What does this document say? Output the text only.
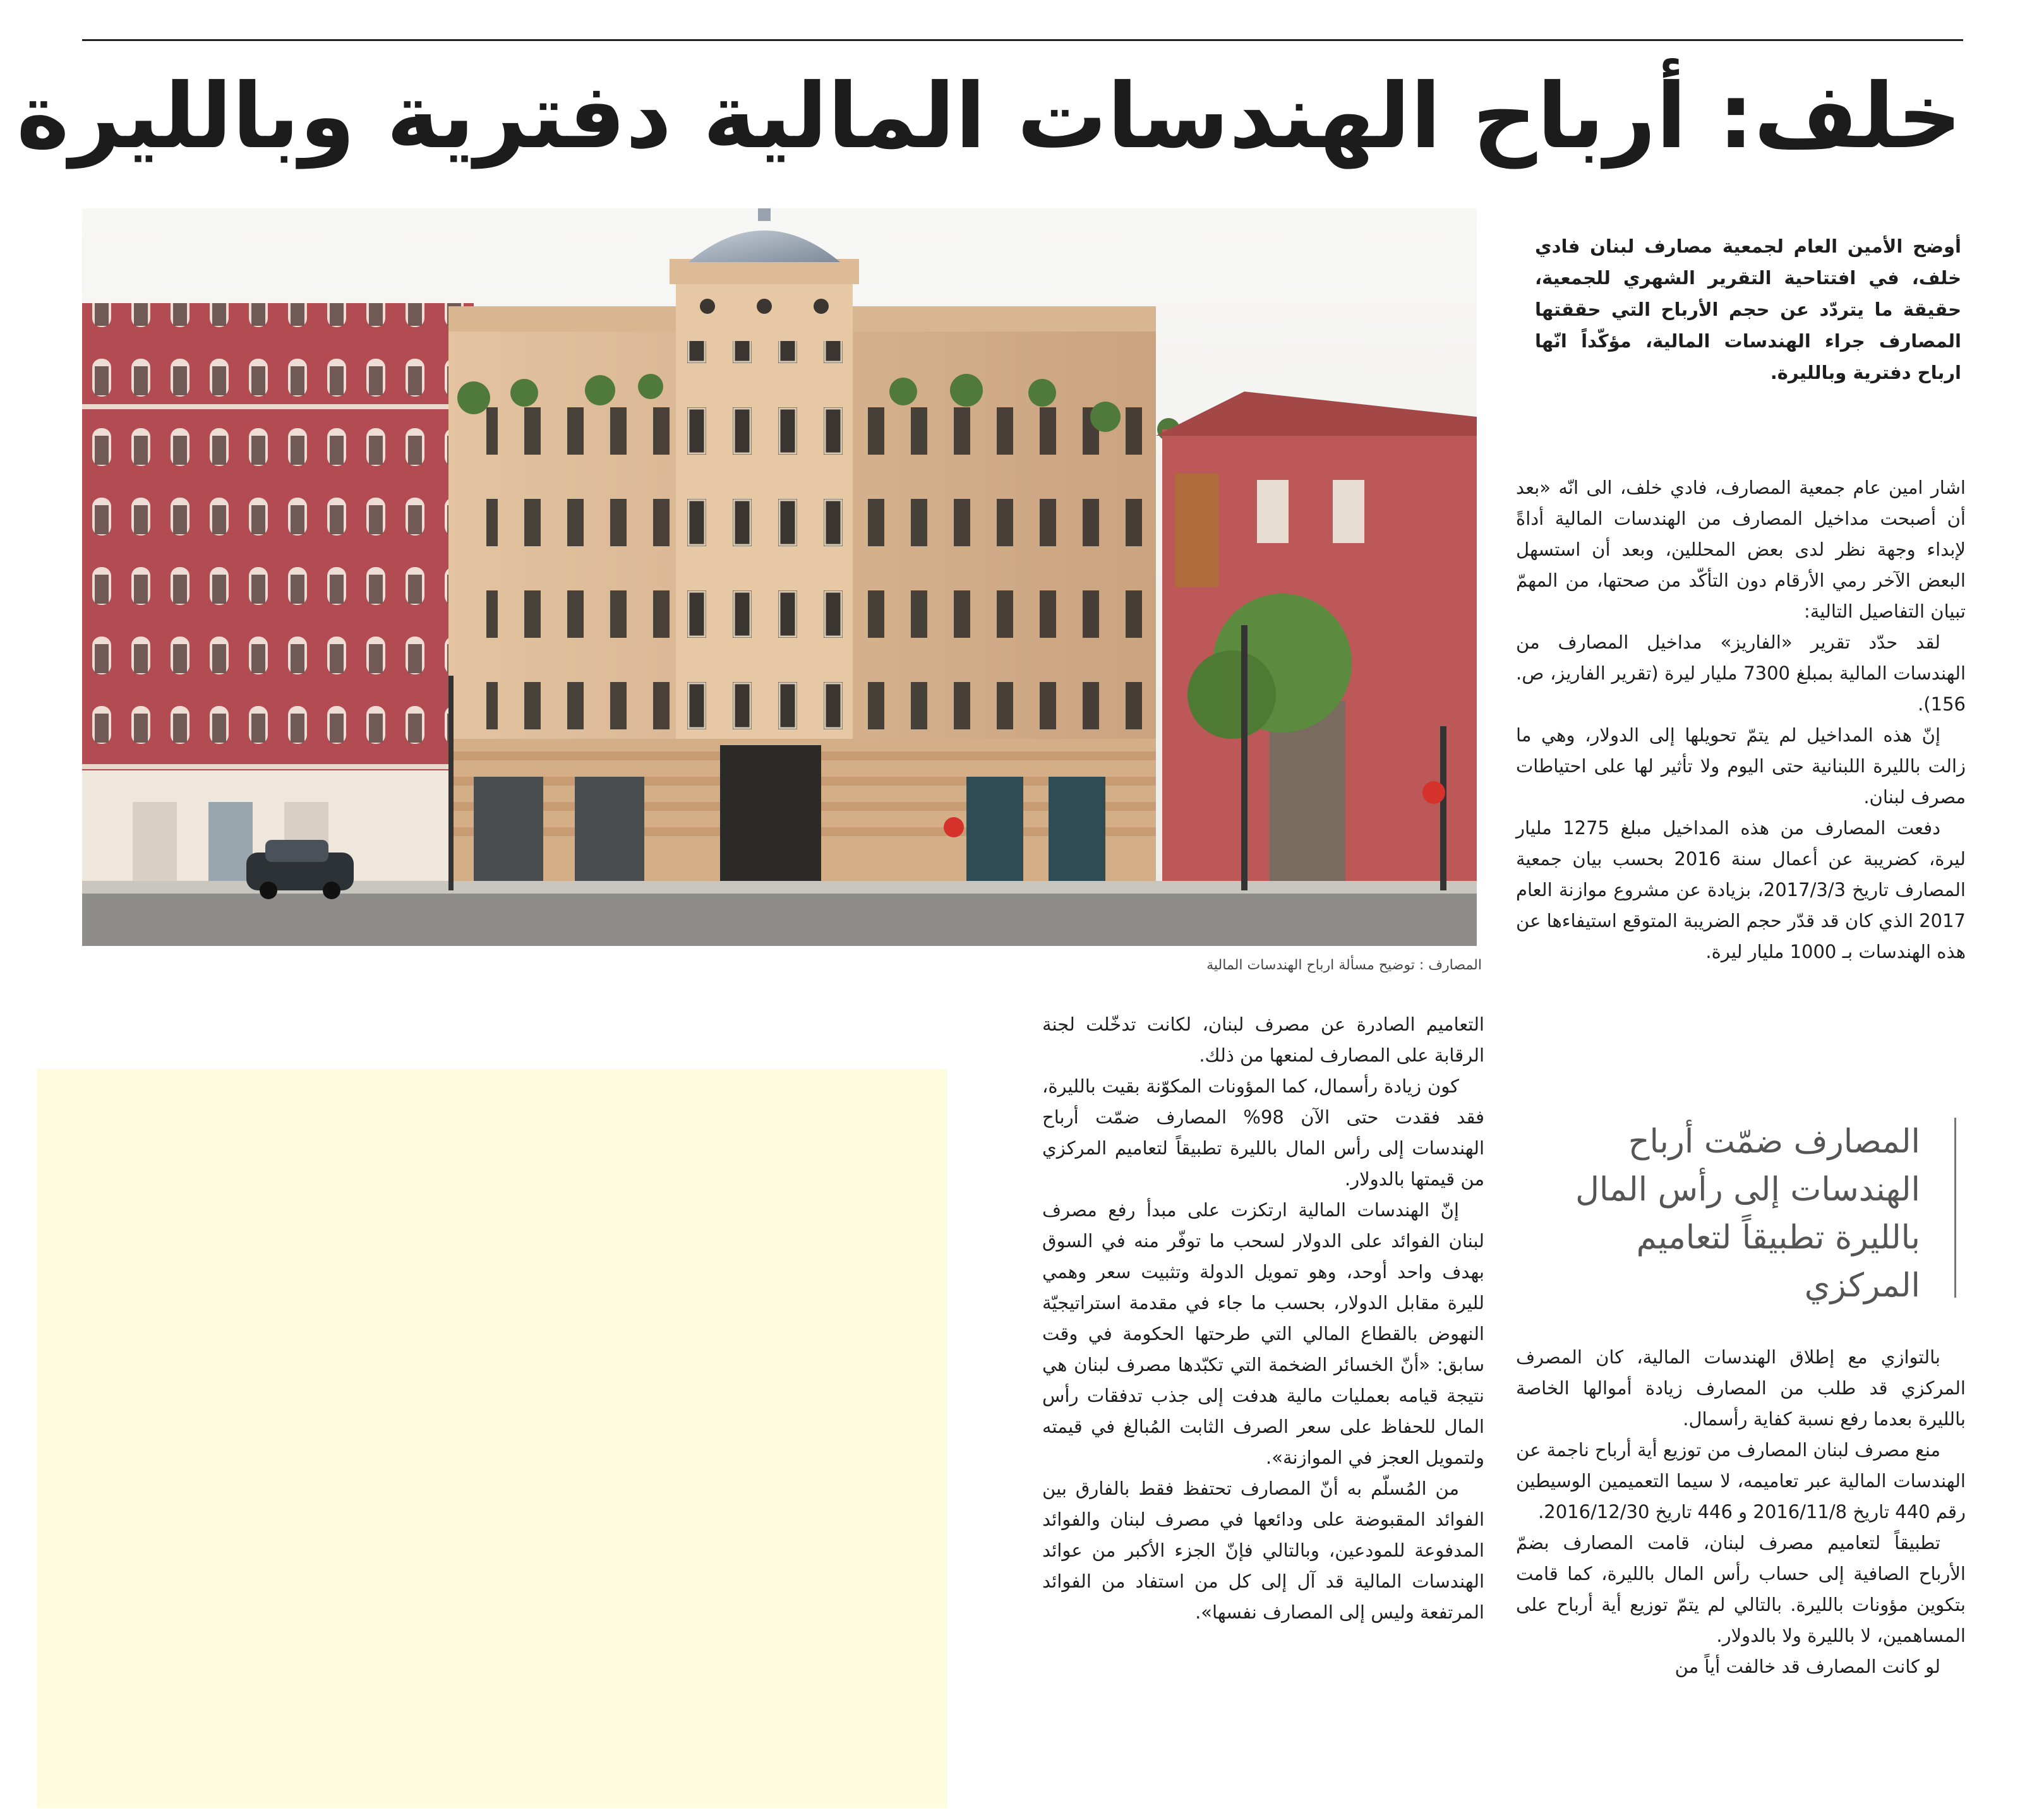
خلف: أرباح الهندسات المالية دفترية وبالليرة
أوضح الأمين العام لجمعية مصارف لبنان فادي خلف، في افتتاحية التقرير الشهري للجمعية، حقيقة ما يتردّد عن حجم الأرباح التي حققتها المصارف جراء الهندسات المالية، مؤكّداً انّها ارباح دفترية وبالليرة.
المصارف : توضيح مسألة ارباح الهندسات المالية

اشار امين عام جمعية المصارف، فادي خلف، الى انّه «بعد أن أصبحت مداخيل المصارف من الهندسات المالية أداةً لإبداء وجهة نظر لدى بعض المحللين، وبعد أن استسهل البعض الآخر رمي الأرقام دون التأكّد من صحتها، من المهمّ تبيان التفاصيل التالية:

لقد حدّد تقرير «الفاريز» مداخيل المصارف من الهندسات المالية بمبلغ 7300 مليار ليرة (تقرير الفاريز، ص. 156).

إنّ هذه المداخيل لم يتمّ تحويلها إلى الدولار، وهي ما زالت بالليرة اللبنانية حتى اليوم ولا تأثير لها على احتياطات مصرف لبنان.

دفعت المصارف من هذه المداخيل مبلغ 1275 مليار ليرة، كضريبة عن أعمال سنة 2016 بحسب بيان جمعية المصارف تاريخ 2017/3/3، بزيادة عن مشروع موازنة العام 2017 الذي كان قد قدّر حجم الضريبة المتوقع استيفاءها عن هذه الهندسات بـ 1000 مليار ليرة.

المصارف ضمّت أرباح الهندسات إلى رأس المال بالليرة تطبيقاً لتعاميم المركزي

بالتوازي مع إطلاق الهندسات المالية، كان المصرف المركزي قد طلب من المصارف زيادة أموالها الخاصة بالليرة بعدما رفع نسبة كفاية رأسمال.

منع مصرف لبنان المصارف من توزيع أية أرباح ناجمة عن الهندسات المالية عبر تعاميمه، لا سيما التعميمين الوسيطين رقم 440 تاريخ 2016/11/8 و 446 تاريخ 2016/12/30.

تطبيقاً لتعاميم مصرف لبنان، قامت المصارف بضمّ الأرباح الصافية إلى حساب رأس المال بالليرة، كما قامت بتكوين مؤونات بالليرة. بالتالي لم يتمّ توزيع أية أرباح على المساهمين، لا بالليرة ولا بالدولار.

لو كانت المصارف قد خالفت أياً من

التعاميم الصادرة عن مصرف لبنان، لكانت تدخّلت لجنة الرقابة على المصارف لمنعها من ذلك.

كون زيادة رأسمال، كما المؤونات المكوّنة بقيت بالليرة، فقد فقدت حتى الآن 98% المصارف ضمّت أرباح الهندسات إلى رأس المال بالليرة تطبيقاً لتعاميم المركزي من قيمتها بالدولار.

إنّ الهندسات المالية ارتكزت على مبدأ رفع مصرف لبنان الفوائد على الدولار لسحب ما توفّر منه في السوق بهدف واحد أوحد، وهو تمويل الدولة وتثبيت سعر وهمي لليرة مقابل الدولار، بحسب ما جاء في مقدمة استراتيجيّة النهوض بالقطاع المالي التي طرحتها الحكومة في وقت سابق: «أنّ الخسائر الضخمة التي تكبّدها مصرف لبنان هي نتيجة قيامه بعمليات مالية هدفت إلى جذب تدفقات رأس المال للحفاظ على سعر الصرف الثابت المُبالغ في قيمته ولتمويل العجز في الموازنة».

من المُسلّم به أنّ المصارف تحتفظ فقط بالفارق بين الفوائد المقبوضة على ودائعها في مصرف لبنان والفوائد المدفوعة للمودعين، وبالتالي فإنّ الجزء الأكبر من عوائد الهندسات المالية قد آل إلى كل من استفاد من الفوائد المرتفعة وليس إلى المصارف نفسها».
